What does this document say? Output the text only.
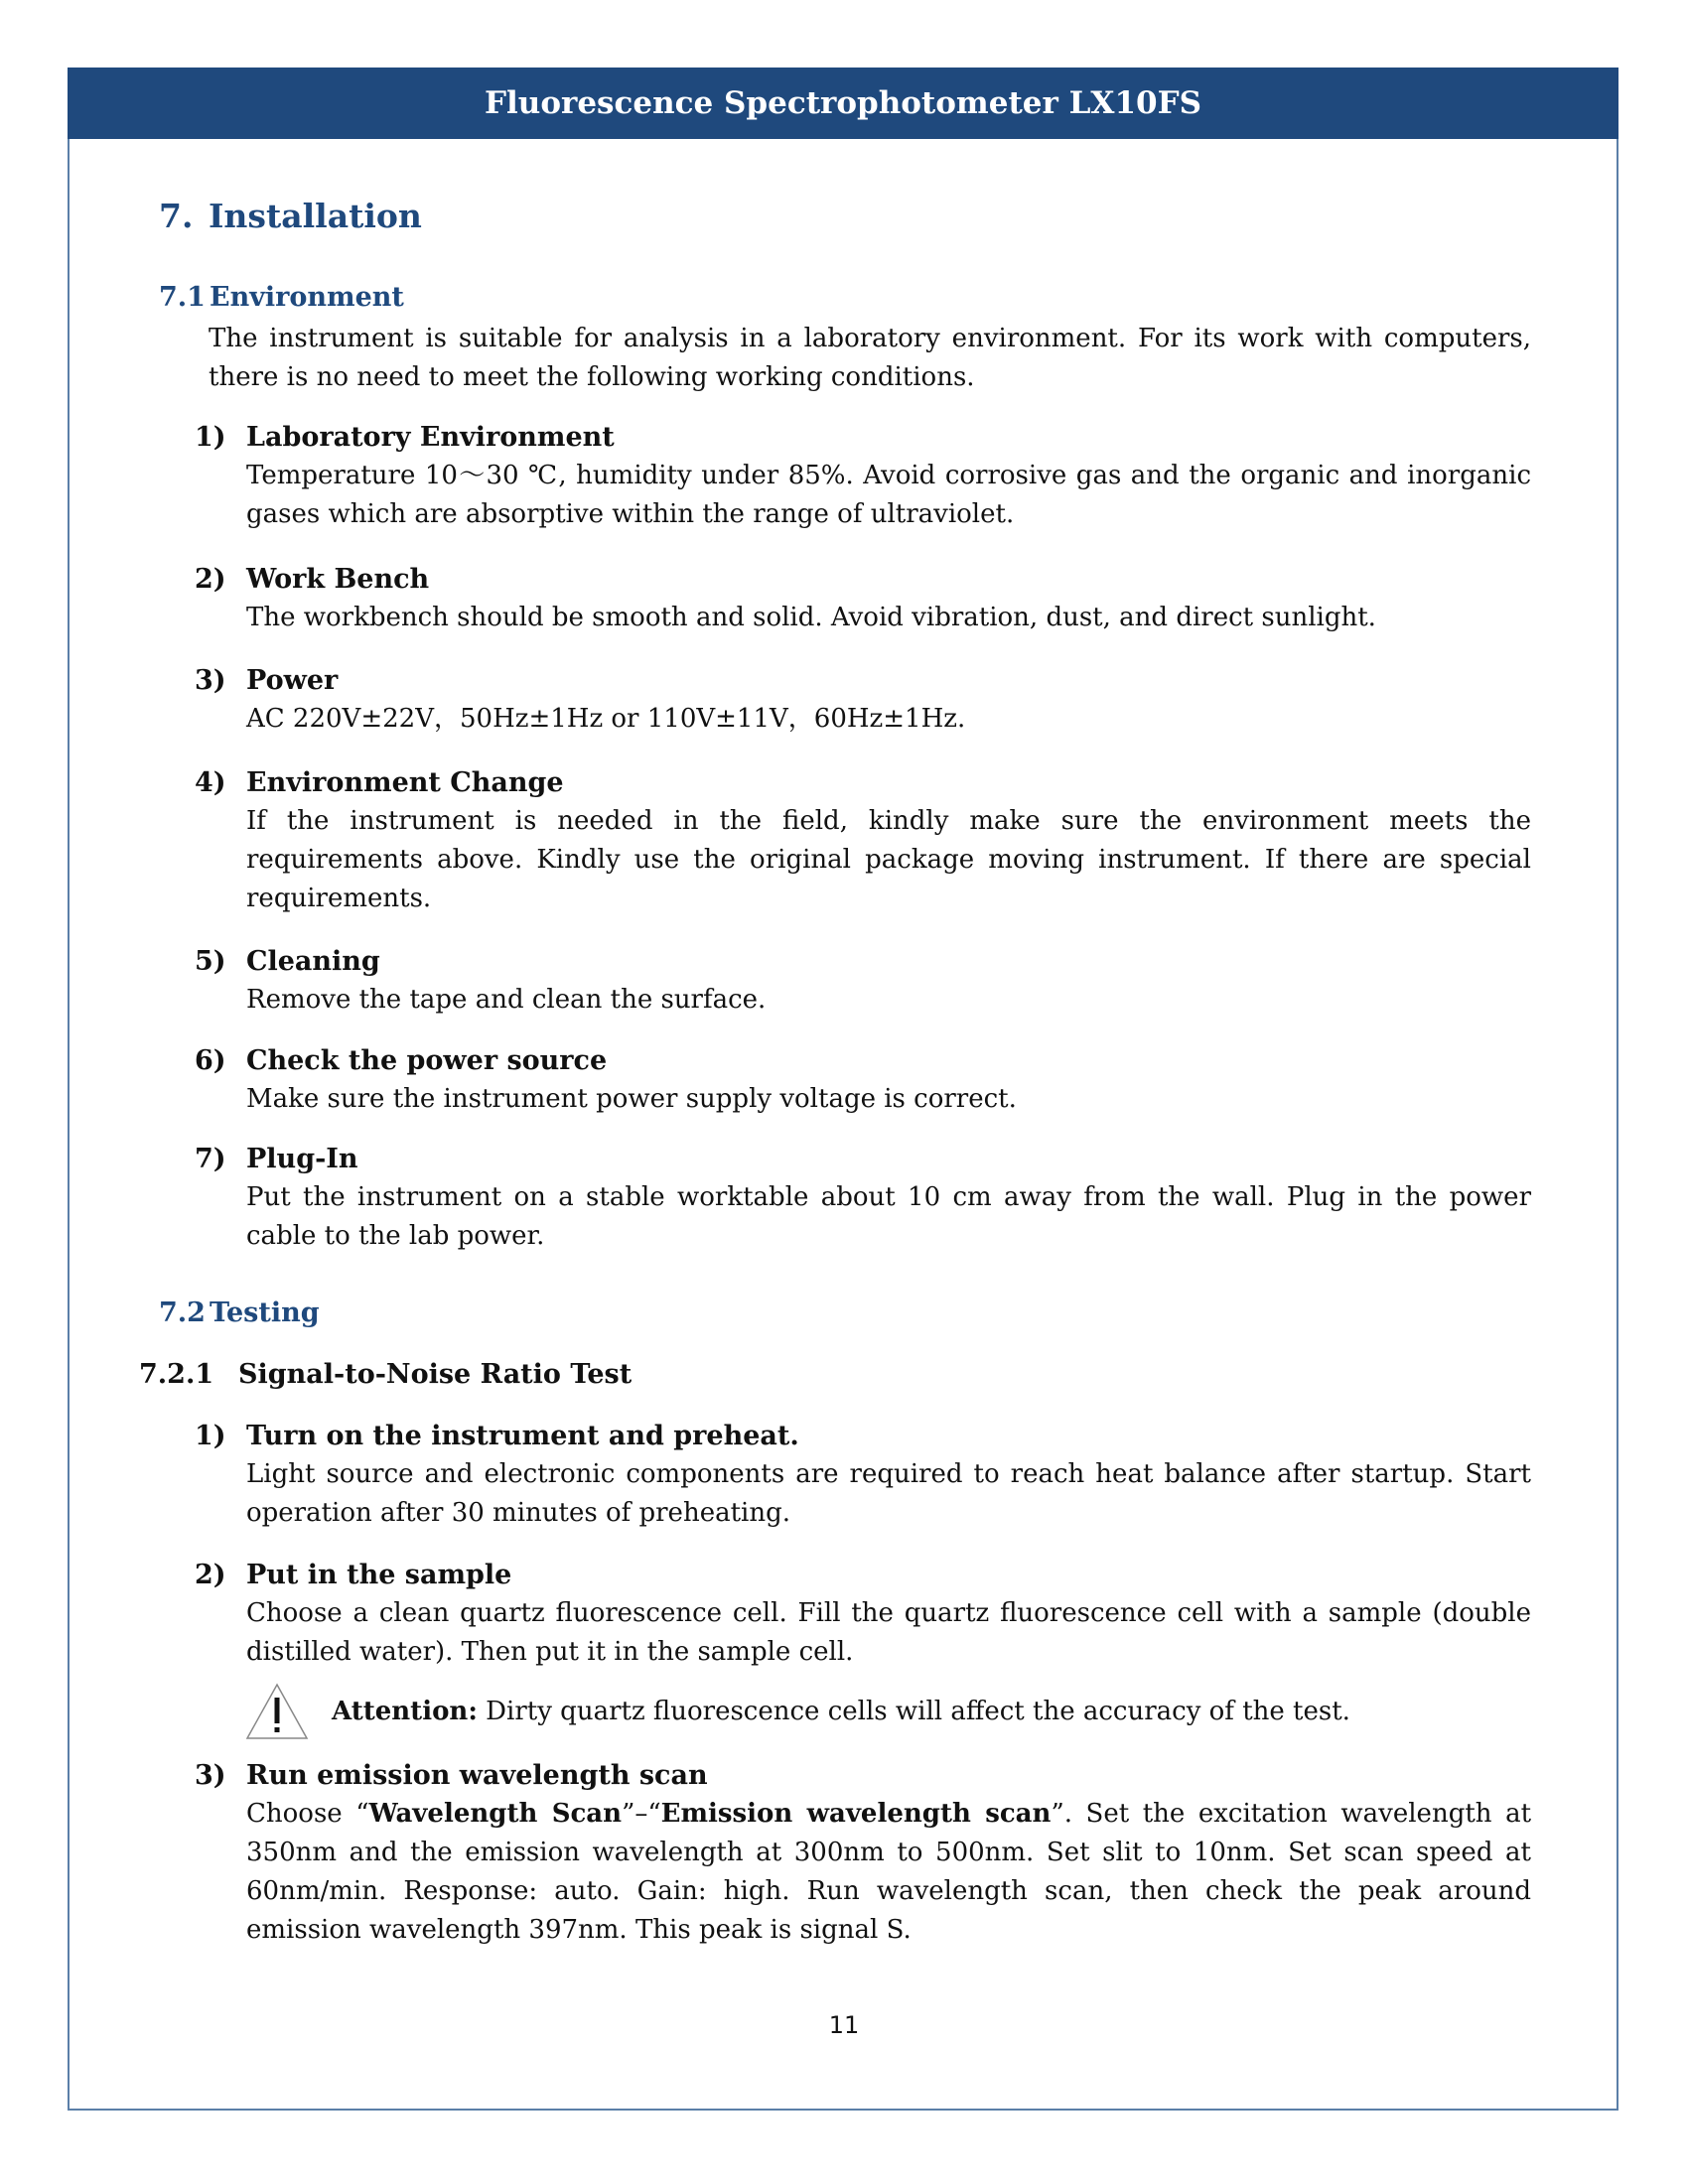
Fluorescence Spectrophotometer LX10FS
7. Installation
7.1 Environment
The instrument is suitable for analysis in a laboratory environment. For its work with computers, there is no need to meet the following working conditions.
1) Laboratory Environment
Temperature 10～30 ℃, humidity under 85%. Avoid corrosive gas and the organic and inorganic gases which are absorptive within the range of ultraviolet.
2) Work Bench
The workbench should be smooth and solid. Avoid vibration, dust, and direct sunlight.
3) Power
AC 220V±22V，50Hz±1Hz or 110V±11V，60Hz±1Hz.
4) Environment Change
If the instrument is needed in the field, kindly make sure the environment meets the requirements above. Kindly use the original package moving instrument. If there are special requirements.
5) Cleaning
Remove the tape and clean the surface.
6) Check the power source
Make sure the instrument power supply voltage is correct.
7) Plug-In
Put the instrument on a stable worktable about 10 cm away from the wall. Plug in the power cable to the lab power.
7.2 Testing
7.2.1 Signal-to-Noise Ratio Test
1) Turn on the instrument and preheat.
Light source and electronic components are required to reach heat balance after startup. Start operation after 30 minutes of preheating.
2) Put in the sample
Choose a clean quartz fluorescence cell. Fill the quartz fluorescence cell with a sample (double distilled water). Then put it in the sample cell.
Attention: Dirty quartz fluorescence cells will affect the accuracy of the test.
3) Run emission wavelength scan
Choose “Wavelength Scan”–“Emission wavelength scan”. Set the excitation wavelength at 350nm and the emission wavelength at 300nm to 500nm. Set slit to 10nm. Set scan speed at 60nm/min. Response: auto. Gain: high. Run wavelength scan, then check the peak around emission wavelength 397nm. This peak is signal S.
11
